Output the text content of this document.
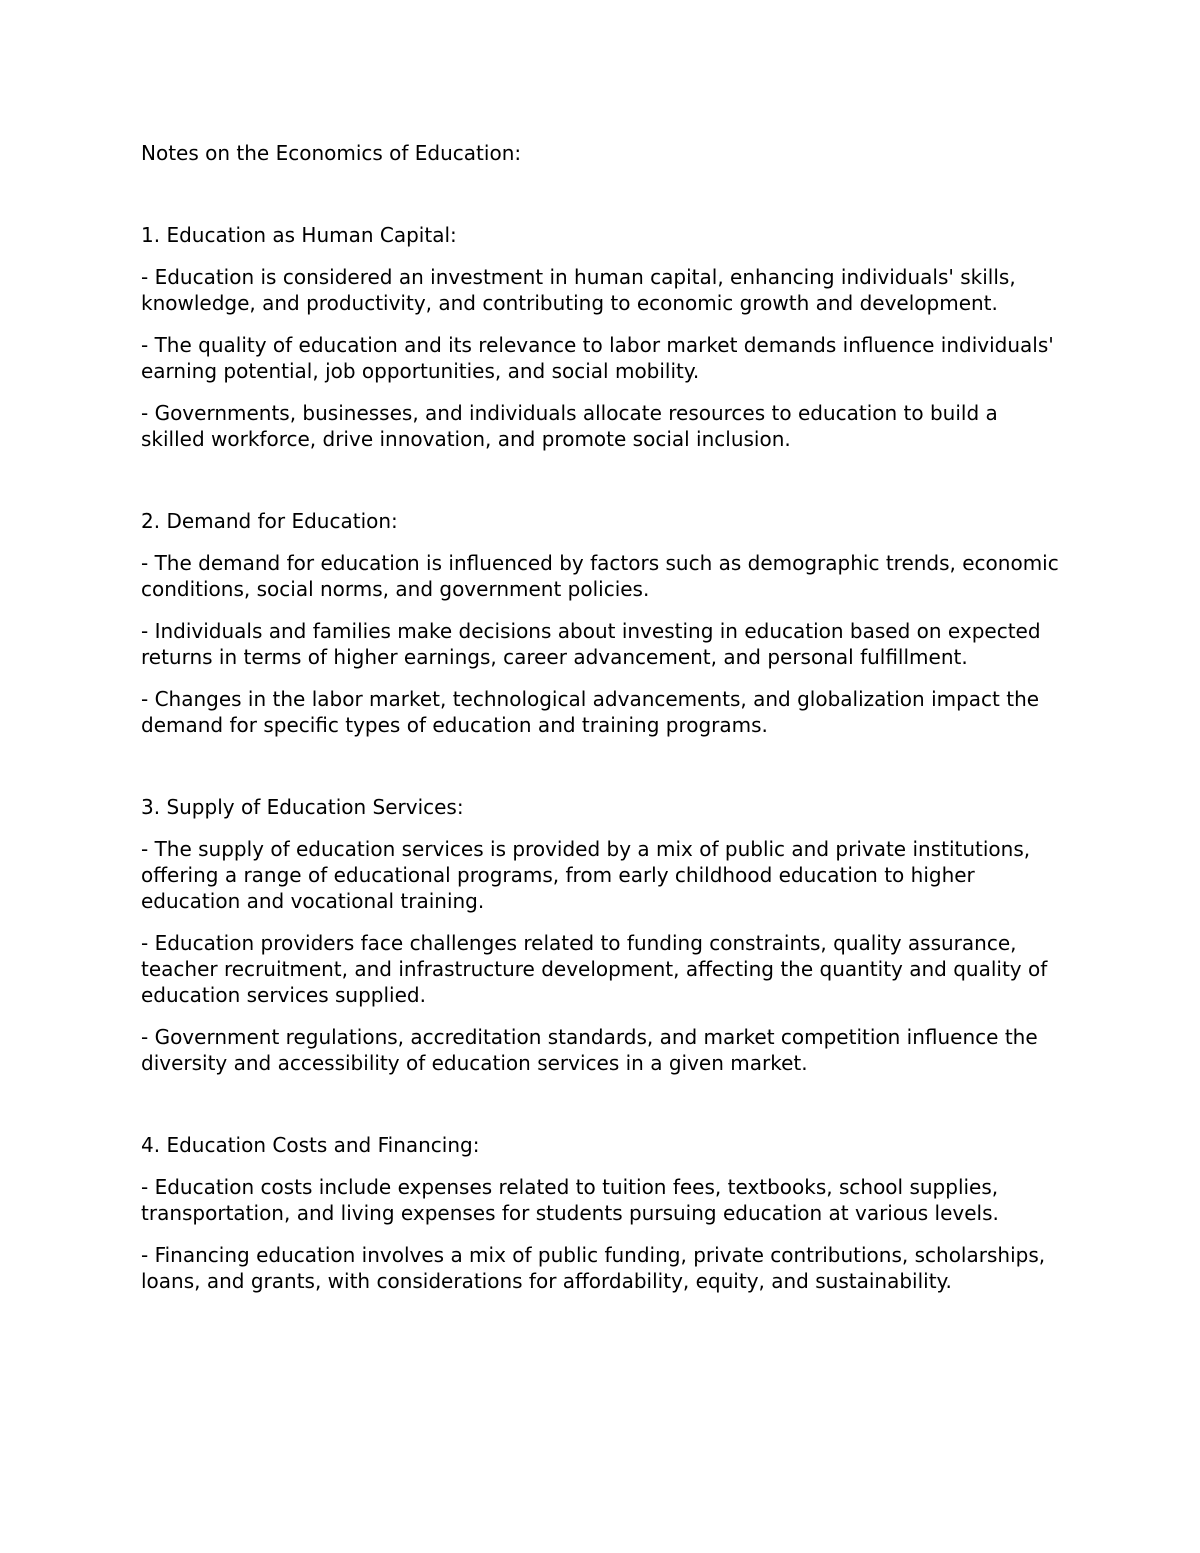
Notes on the Economics of Education:

1. Education as Human Capital:

- Education is considered an investment in human capital, enhancing individuals' skills, knowledge, and productivity, and contributing to economic growth and development.

- The quality of education and its relevance to labor market demands influence individuals' earning potential, job opportunities, and social mobility.

- Governments, businesses, and individuals allocate resources to education to build a skilled workforce, drive innovation, and promote social inclusion.

2. Demand for Education:

- The demand for education is influenced by factors such as demographic trends, economic conditions, social norms, and government policies.

- Individuals and families make decisions about investing in education based on expected returns in terms of higher earnings, career advancement, and personal fulfillment.

- Changes in the labor market, technological advancements, and globalization impact the demand for specific types of education and training programs.

3. Supply of Education Services:

- The supply of education services is provided by a mix of public and private institutions, offering a range of educational programs, from early childhood education to higher education and vocational training.

- Education providers face challenges related to funding constraints, quality assurance, teacher recruitment, and infrastructure development, affecting the quantity and quality of education services supplied.

- Government regulations, accreditation standards, and market competition influence the diversity and accessibility of education services in a given market.

4. Education Costs and Financing:

- Education costs include expenses related to tuition fees, textbooks, school supplies, transportation, and living expenses for students pursuing education at various levels.

- Financing education involves a mix of public funding, private contributions, scholarships, loans, and grants, with considerations for affordability, equity, and sustainability.
